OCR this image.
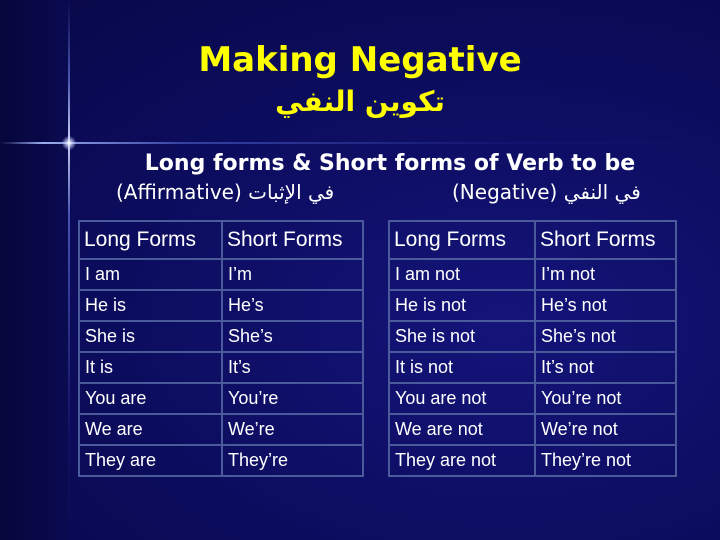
Making Negative
تكوين النفي
Long forms & Short forms of Verb to be
(Affirmative) في الإثبات	(Negative) في النفي
Long Forms	Short Forms
I am	I’m
He is	He’s
She is	She’s
It is	It’s
You are	You’re
We are	We’re
They are	They’re
Long Forms	Short Forms
I am not	I’m not
He is not	He’s not
She is not	She’s not
It is not	It’s not
You are not	You’re not
We are not	We’re not
They are not	They’re not
